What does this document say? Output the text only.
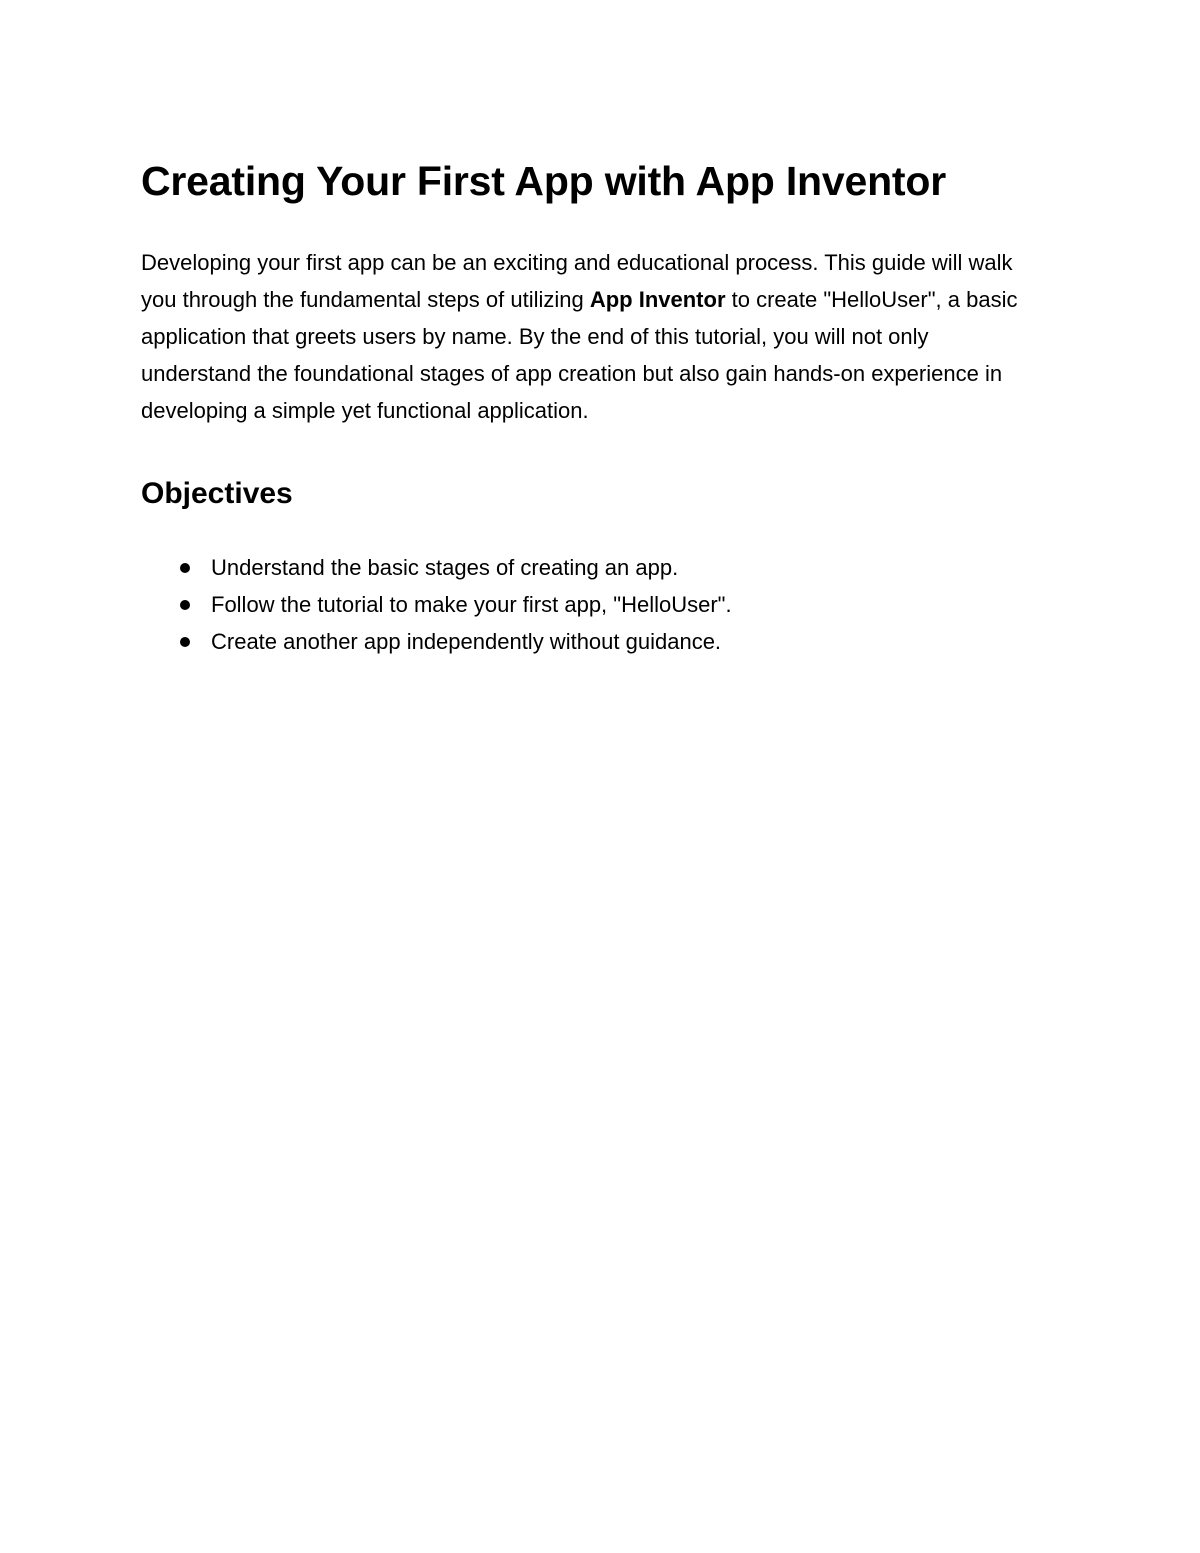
Creating Your First App with App Inventor

Developing your first app can be an exciting and educational process. This guide will walk you through the fundamental steps of utilizing App Inventor to create "HelloUser", a basic application that greets users by name. By the end of this tutorial, you will not only understand the foundational stages of app creation but also gain hands-on experience in developing a simple yet functional application.

Objectives
Understand the basic stages of creating an app.
Follow the tutorial to make your first app, "HelloUser".
Create another app independently without guidance.
